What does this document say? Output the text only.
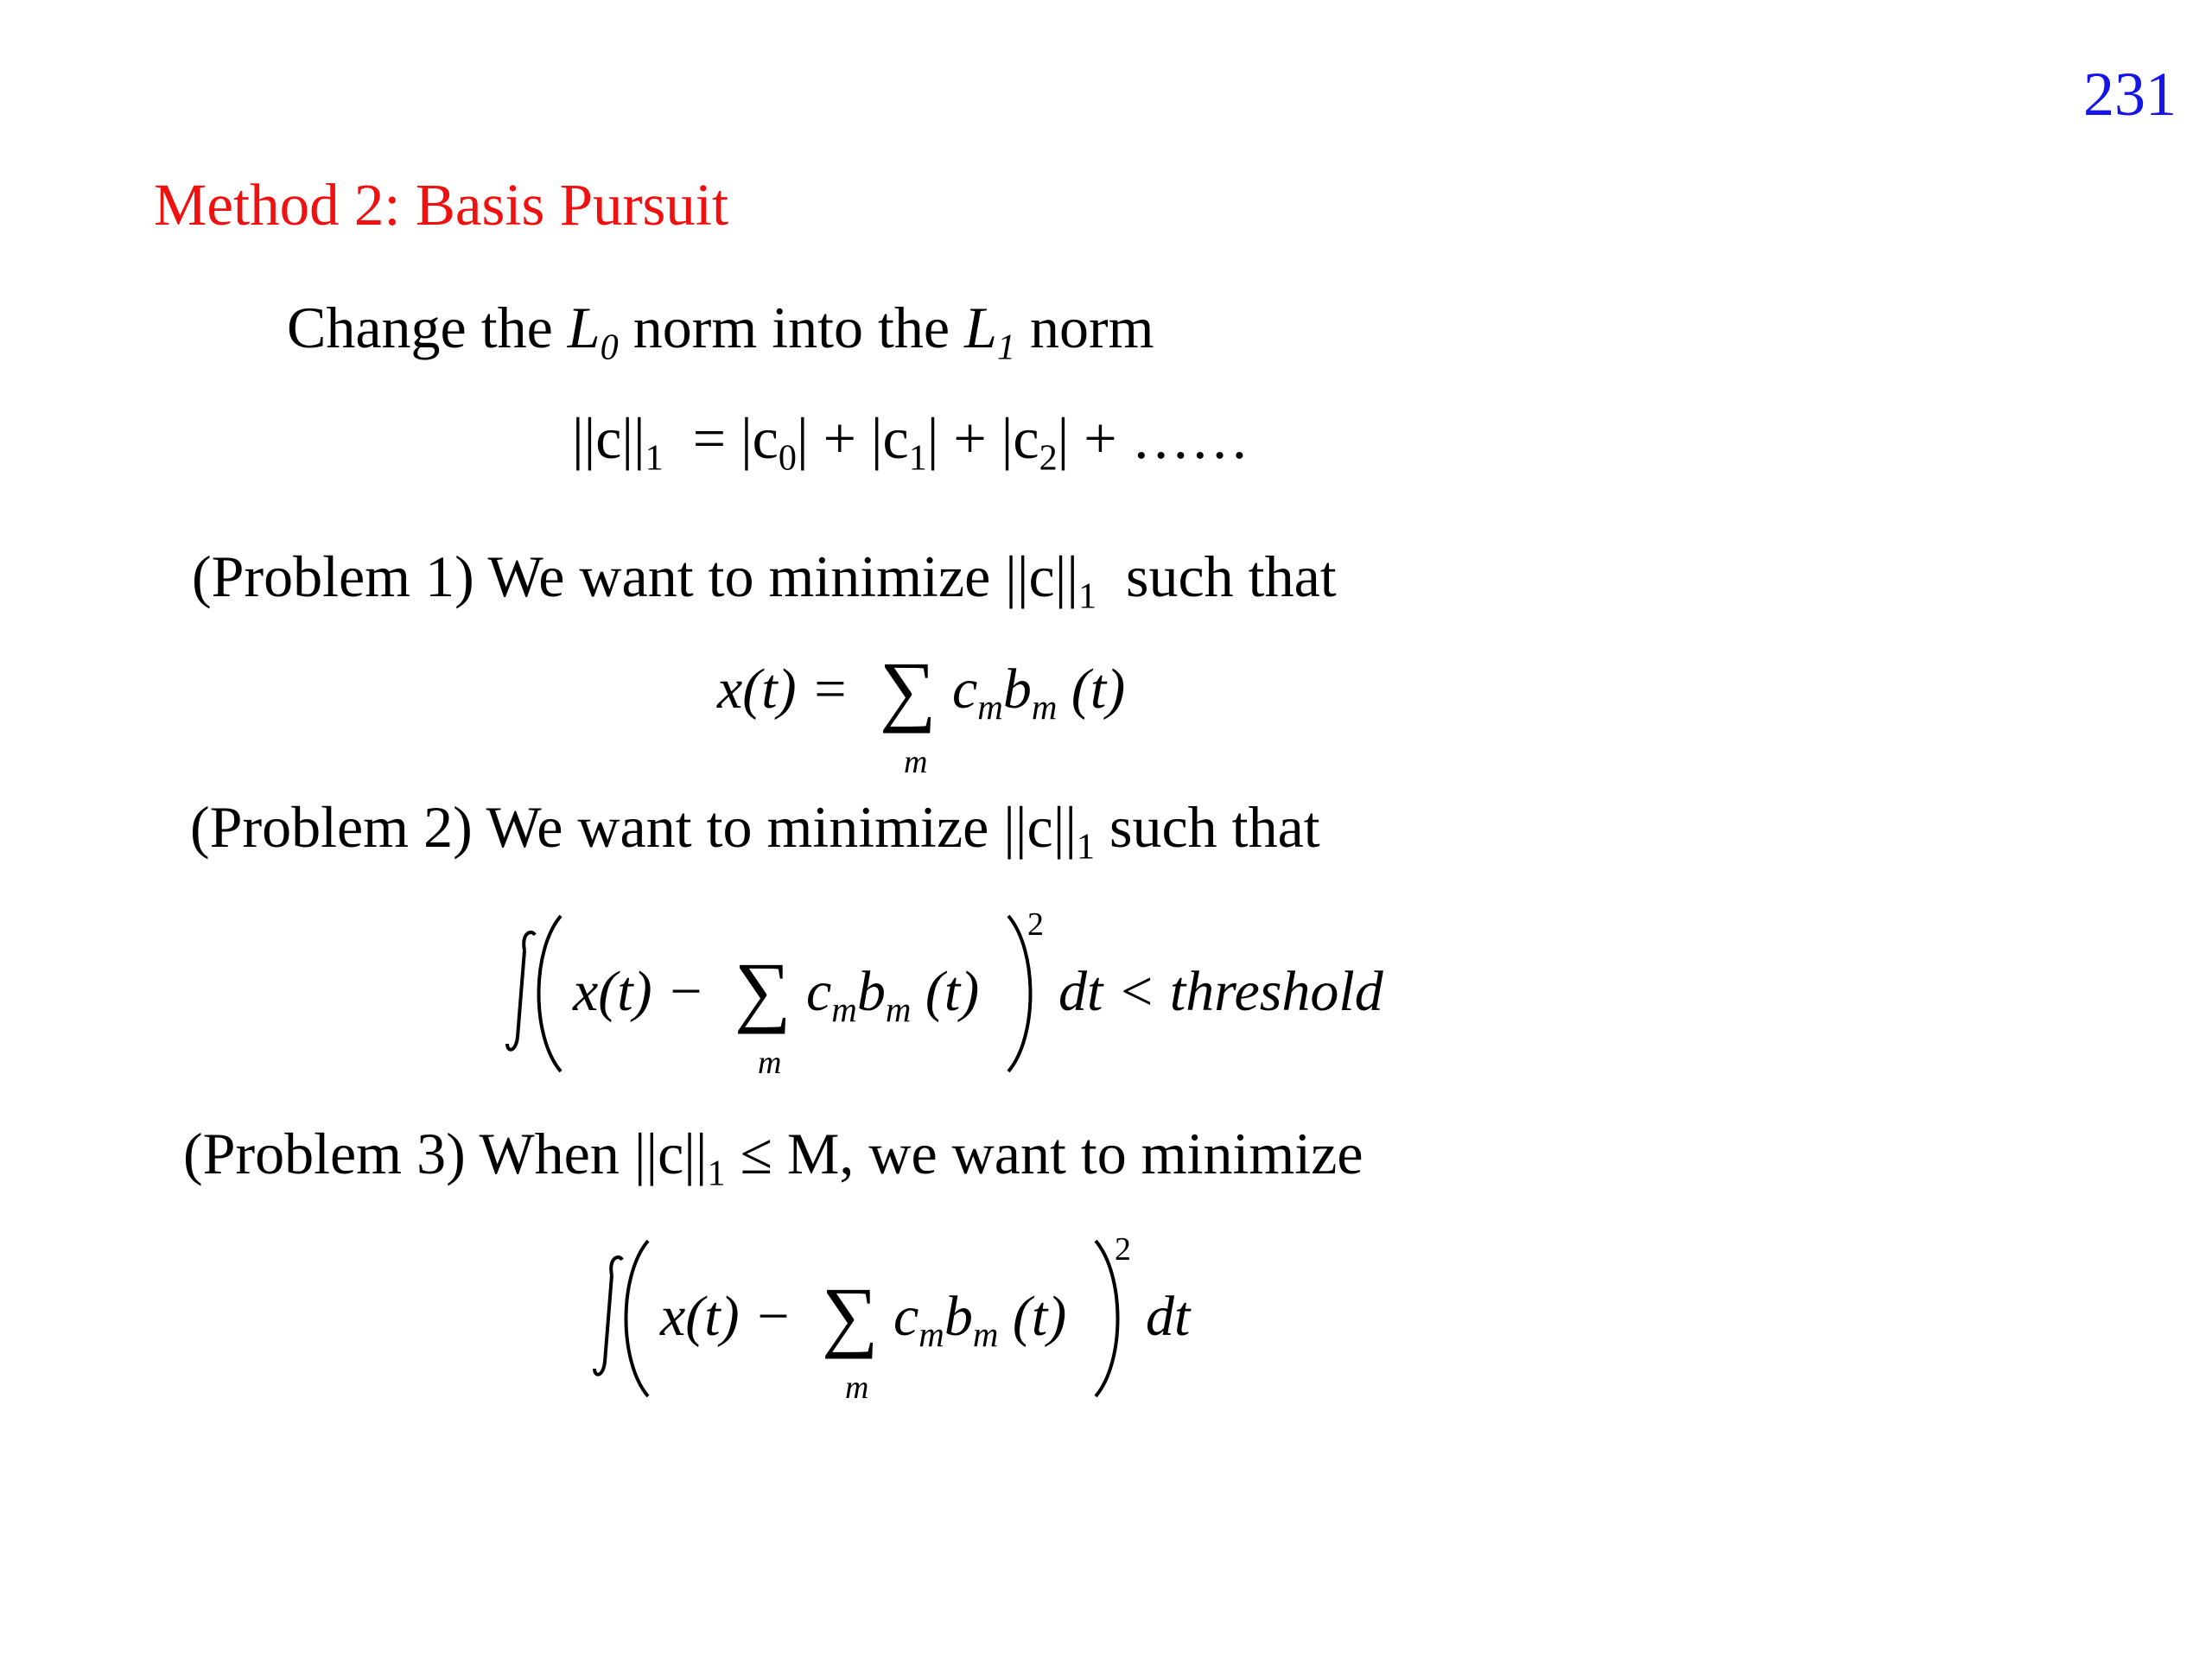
231
Method 2: Basis Pursuit
Change the $L_0$ norm into the $L_1$ norm
$||c||_1 = |c_0| + |c_1| + |c_2|$ + ……
(Problem 1) We want to minimize $||c||_1$ such that
x(t) = ∑
m
$c_mb_m$ (t)
(Problem 2) We want to minimize $||c||_1$ such that
x(t) − ∑
m
$c_mb_m$ (t)
2
dt < threshold
(Problem 3) When $||c||_1 \le M$, we want to minimize
x(t) − ∑
m
$c_mb_m$ (t)
2
dt
